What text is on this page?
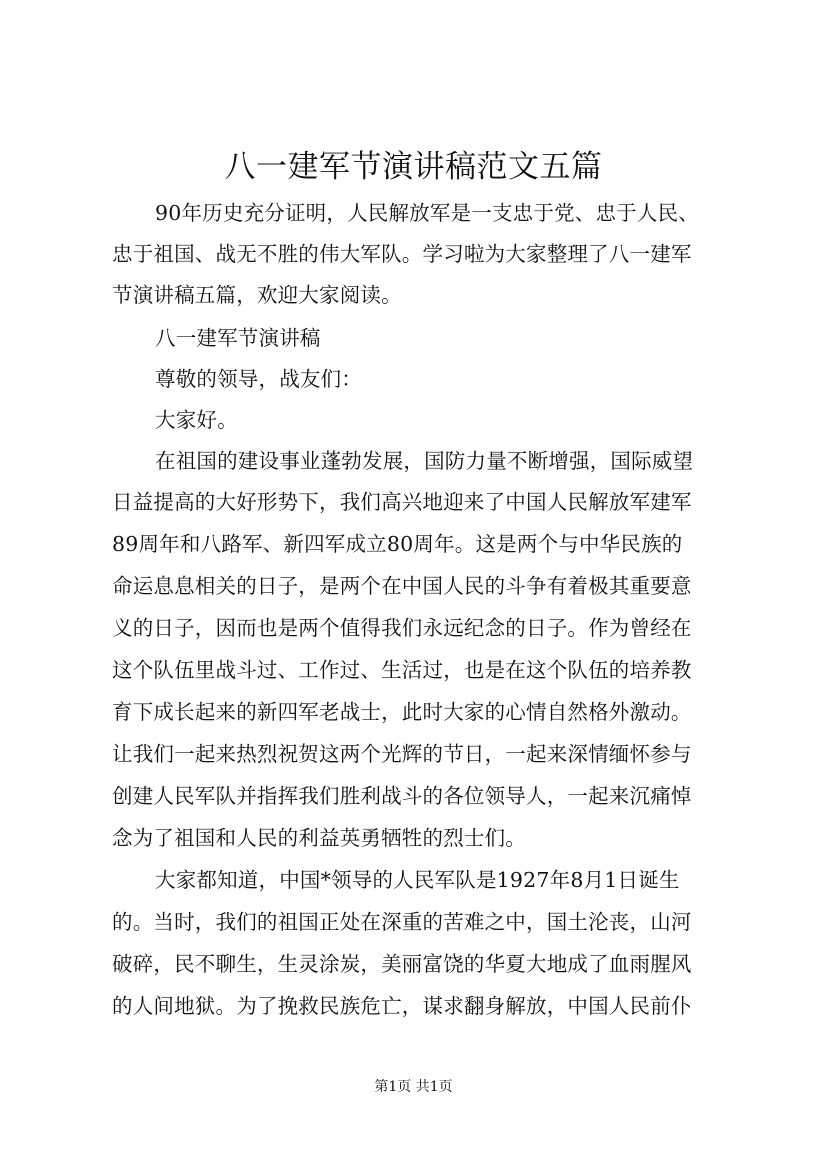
八一建军节演讲稿范文五篇
90年历史充分证明，人民解放军是一支忠于党、忠于人民、
忠于祖国、战无不胜的伟大军队。学习啦为大家整理了八一建军
节演讲稿五篇，欢迎大家阅读。
八一建军节演讲稿
尊敬的领导，战友们：
大家好。
在祖国的建设事业蓬勃发展，国防力量不断增强，国际威望
日益提高的大好形势下，我们高兴地迎来了中国人民解放军建军
89周年和八路军、新四军成立80周年。这是两个与中华民族的
命运息息相关的日子，是两个在中国人民的斗争有着极其重要意
义的日子，因而也是两个值得我们永远纪念的日子。作为曾经在
这个队伍里战斗过、工作过、生活过，也是在这个队伍的培养教
育下成长起来的新四军老战士，此时大家的心情自然格外激动。
让我们一起来热烈祝贺这两个光辉的节日，一起来深情缅怀参与
创建人民军队并指挥我们胜利战斗的各位领导人，一起来沉痛悼
念为了祖国和人民的利益英勇牺牲的烈士们。
大家都知道，中国*领导的人民军队是1927年8月1日诞生
的。当时，我们的祖国正处在深重的苦难之中，国土沦丧，山河
破碎，民不聊生，生灵涂炭，美丽富饶的华夏大地成了血雨腥风
的人间地狱。为了挽救民族危亡，谋求翻身解放，中国人民前仆
第1页 共1页
